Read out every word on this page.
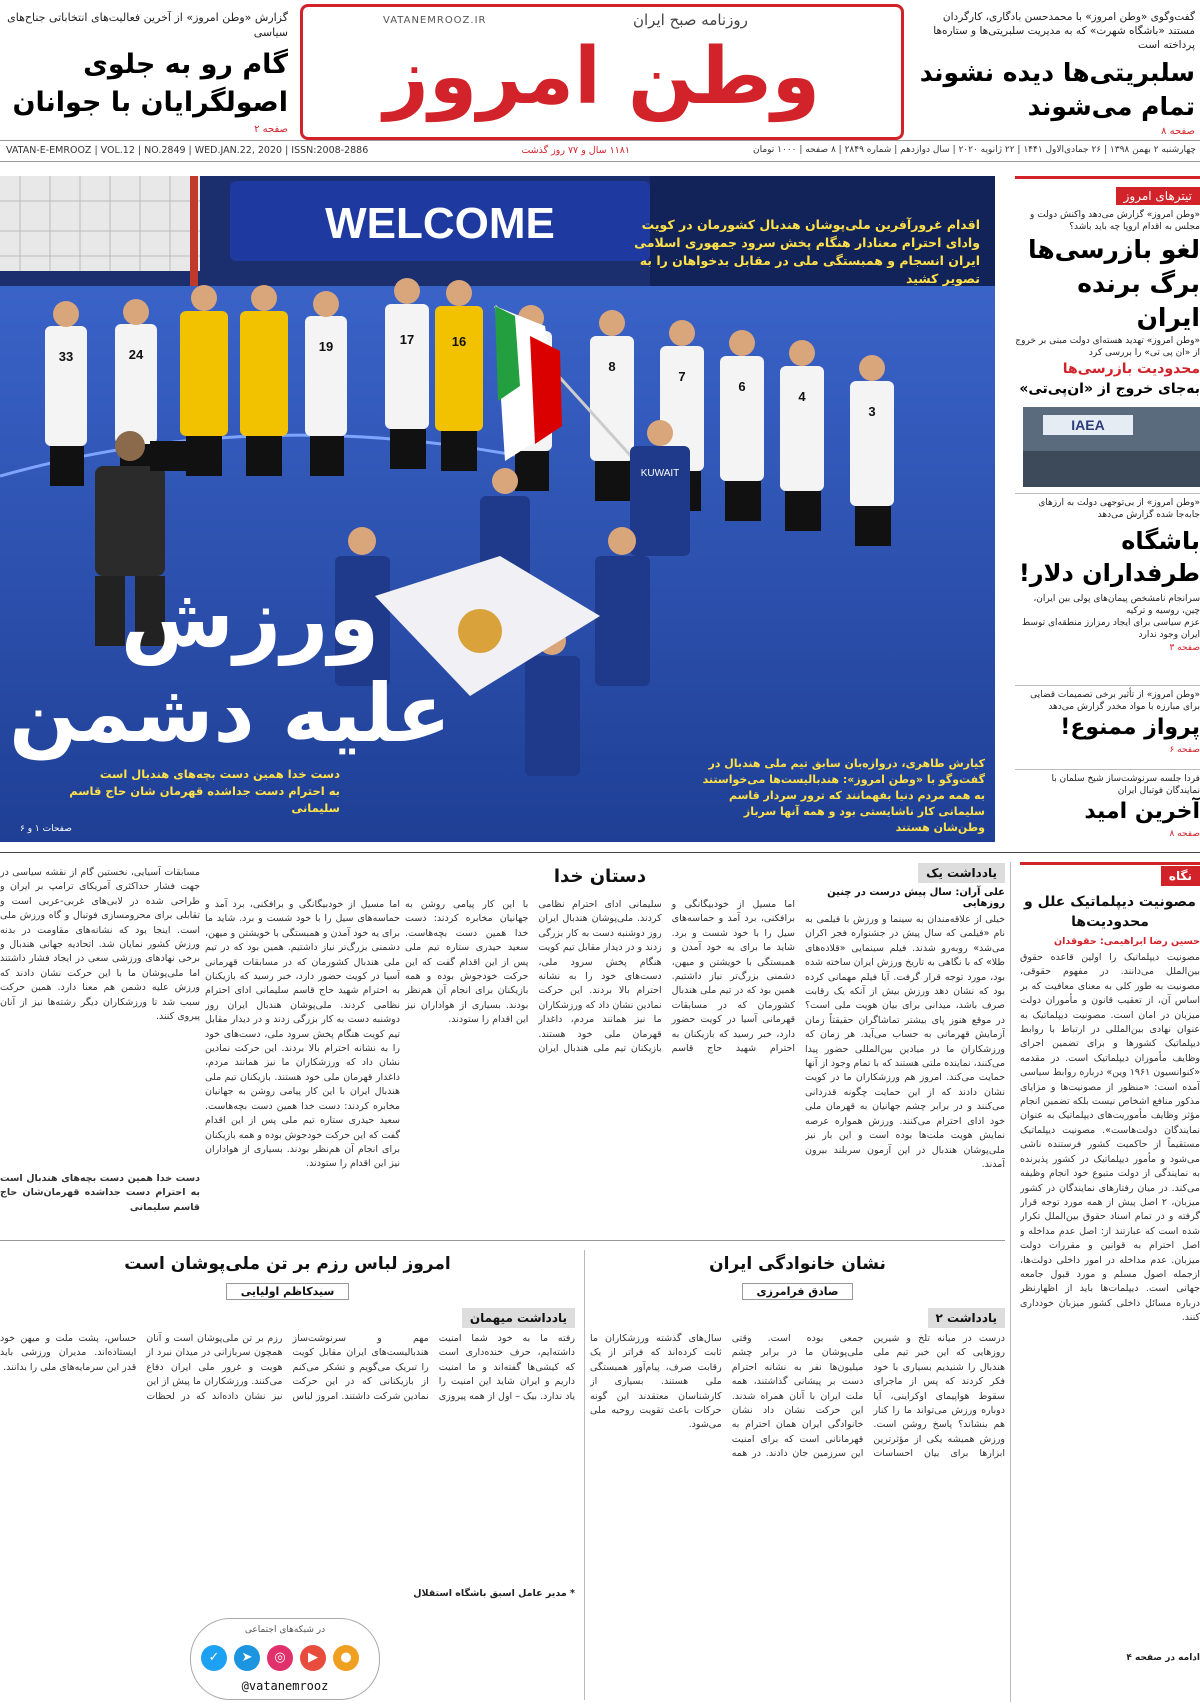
VATANEMROOZ.IR	روزنامه صبح ایران
وطن امروز
گزارش «وطن امروز» از آخرین فعالیت‌های انتخاباتی جناح‌های سیاسی
گام رو به جلوی اصولگرایان با جوانان
صفحه ۲
گفت‌وگوی «وطن امروز» با محمدحسن بادگاری، کارگردان مستند «باشگاه شهرت» که به مدیریت سلبریتی‌ها و ستاره‌ها پرداخته است
سلبریتی‌ها دیده نشوند تمام می‌شوند
صفحه ۸
VATAN-E-EMROOZ | VOL.12 | NO.2849 | WED.JAN.22, 2020 | ISSN:2008-2886	۱۱۸۱ سال و ۷۷ روز گذشت	چهارشنبه ۲ بهمن ۱۳۹۸ | ۲۶ جمادی‌الاول ۱۴۴۱ | ۲۲ ژانویه ۲۰۲۰ | سال دوازدهم | شماره ۲۸۴۹ | ۸ صفحه | ۱۰۰۰ تومان
WELCOME
33	24
19	17	16
8
7
6
5
4
3
KUWAIT
اقدام غرورآفرین ملی‌پوشان هندبال کشورمان در کویت وادای احترام معنادار هنگام پخش سرود جمهوری اسلامی ایران انسجام و همبستگی ملی در مقابل بدخواهان را به تصویر کشید
ورزش
علیه دشمن
دست خدا همین دست بچه‌های هندبال است
به احترام دست جداشده قهرمان شان حاج قاسم سلیمانی
صفحات ۱ و ۶
کیارش طاهری، دروازه‌بان سابق تیم ملی هندبال در گفت‌وگو با «وطن امروز»: هندبالیست‌ها می‌خواستند به همه مردم دنیا بفهمانند که ترور سردار قاسم سلیمانی کار ناشایستی بود و همه آنها سرباز وطن‌شان هستند
تیترهای امروز
«وطن امروز» گزارش می‌دهد واکنش دولت و مجلس به اقدام اروپا چه باید باشد؟
لغو بازرسی‌ها برگ برنده ایران
«وطن امروز» تهدید هسته‌ای دولت مبنی بر خروج از «ان پی تی» را بررسی کرد
محدودیت بازرسی‌ها
به‌جای خروج از «ان‌پی‌تی»
IAEA
«وطن امروز» از بی‌توجهی دولت به ارزهای جابه‌جا شده گزارش می‌دهد
باشگاه طرفداران دلار!
سرانجام نامشخص پیمان‌های پولی بین ایران، چین، روسیه و ترکیه
عزم سیاسی برای ایجاد رمزارز منطقه‌ای توسط ایران وجود ندارد
صفحه ۳
«وطن امروز» از تأثیر برخی تصمیمات قضایی برای مبارزه با مواد مخدر گزارش می‌دهد
پرواز ممنوع!
صفحه ۶
فردا جلسه سرنوشت‌ساز شیخ سلمان با نمایندگان فوتبال ایران
آخرین امید
صفحه ۸
نگاه
مصونیت دیپلماتیک علل و محدودیت‌ها
حسین رضا ابراهیمی: حقوقدان
مصونیت دیپلماتیک را اولین قاعده حقوق بین‌الملل می‌دانند. در مفهوم حقوقی، مصونیت به طور کلی به معنای معافیت که بر اساس آن، از تعقیب قانون و مأموران دولت میزبان در امان است. مصونیت دیپلماتیک به عنوان نهادی بین‌المللی در ارتباط با روابط دیپلماتیک کشورها و برای تضمین اجرای وظایف مأموران دیپلماتیک است. در مقدمه «کنوانسیون ۱۹۶۱ وین» درباره روابط سیاسی آمده است: «منظور از مصونیت‌ها و مزایای مذکور منافع اشخاص نیست بلکه تضمین انجام مؤثر وظایف مأموریت‌های دیپلماتیک به عنوان نمایندگان دولت‌هاست». مصونیت دیپلماتیک مستقیماً از حاکمیت کشور فرستنده ناشی می‌شود و مأمور دیپلماتیک در کشور پذیرنده به نمایندگی از دولت متبوع خود انجام وظیفه می‌کند. در میان رفتارهای نمایندگان در کشور میزبان، ۲ اصل پیش از همه مورد توجه قرار گرفته و در تمام اسناد حقوق بین‌الملل تکرار شده است که عبارتند از: اصل عدم مداخله و اصل احترام به قوانین و مقررات دولت میزبان. عدم مداخله در امور داخلی دولت‌ها، ازجمله اصول مسلم و مورد قبول جامعه جهانی است. دیپلمات‌ها باید از اظهارنظر درباره مسائل داخلی کشور میزبان خودداری کنند.
ادامه در صفحه ۴
یادداشت یک
علی آران: سال پیش درست در چنین روزهایی
خیلی از علاقه‌مندان به سینما و ورزش با فیلمی به نام «فیلمی که سال پیش در جشنواره فجر اکران می‌شد» روبه‌رو شدند. فیلم سینمایی «قلاده‌های طلا» که با نگاهی به تاریخ ورزش ایران ساخته شده بود، مورد توجه قرار گرفت. آیا فیلم مهمانی کرده بود که نشان دهد ورزش بیش از آنکه یک رقابت صرف باشد، میدانی برای بیان هویت ملی است؟ در موقع هنوز پای بیشتر تماشاگران حقیقتاً زمان آزمایش قهرمانی به حساب می‌آید. هر زمان که ورزشکاران ما در میادین بین‌المللی حضور پیدا می‌کنند، نماینده ملتی هستند که با تمام وجود از آنها حمایت می‌کند. امروز هم ورزشکاران ما در کویت نشان دادند که از این حمایت چگونه قدردانی می‌کنند و در برابر چشم جهانیان به قهرمان ملی خود ادای احترام می‌کنند. ورزش همواره عرصه نمایش هویت ملت‌ها بوده است و این بار نیز ملی‌پوشان هندبال در این آزمون سربلند بیرون آمدند.
دستان خدا
اما مسیل از خودبیگانگی و برافکنی، برد آمد و حماسه‌های سیل را با خود شست و برد. شاید ما برای یه خود آمدن و همبستگی با خویشتن و میهن، دشمنی بزرگ‌تر نیاز داشتیم. همین بود که در تیم ملی هندبال کشورمان که در مسابقات قهرمانی آسیا در کویت حضور دارد، خبر رسید که بازیکنان به احترام شهید حاج قاسم سلیمانی ادای احترام نظامی کردند. ملی‌پوشان هندبال ایران روز دوشنبه دست به کار بزرگی زدند و در دیدار مقابل تیم کویت هنگام پخش سرود ملی، دست‌های خود را به نشانه احترام بالا بردند. این حرکت نمادین نشان داد که ورزشکاران ما نیز همانند مردم، داغدار قهرمان ملی خود هستند. بازیکنان تیم ملی هندبال ایران با این کار پیامی روشن به جهانیان مخابره کردند: دست خدا همین دست بچه‌هاست. سعید حیدری ستاره تیم ملی پس از این اقدام گفت که این حرکت خودجوش بوده و همه بازیکنان برای انجام آن هم‌نظر بودند. بسیاری از هواداران نیز این اقدام را ستودند.
مسابقات آسیایی، نخستین گام از نقشه سیاسی در جهت فشار حداکثری آمریکای ترامپ بر ایران و طراحی شده در لابی‌های غربی-عربی است و تقابلی برای محرومسازی فوتبال و گاه ورزش ملی است. اینجا بود که نشانه‌های مقاومت در بدنه ورزش کشور نمایان شد. اتحادیه جهانی هندبال و برخی نهادهای ورزشی سعی در ایجاد فشار داشتند اما ملی‌پوشان ما با این حرکت نشان دادند که ورزش علیه دشمن هم معنا دارد. همین حرکت سبب شد تا ورزشکاران دیگر رشته‌ها نیز از آنان پیروی کنند.
دست خدا همین دست بچه‌های هندبال است به احترام دست جداشده قهرمان‌شان حاج قاسم سلیمانی
اما مسیل از خودبیگانگی و برافکنی، برد آمد و حماسه‌های سیل را با خود شست و برد. شاید ما برای یه خود آمدن و همبستگی با خویشتن و میهن، دشمنی بزرگ‌تر نیاز داشتیم. همین بود که در تیم ملی هندبال کشورمان که در مسابقات قهرمانی آسیا در کویت حضور دارد، خبر رسید که بازیکنان به احترام شهید حاج قاسم سلیمانی ادای احترام نظامی کردند. ملی‌پوشان هندبال ایران روز دوشنبه دست به کار بزرگی زدند و در دیدار مقابل تیم کویت هنگام پخش سرود ملی، دست‌های خود را به نشانه احترام بالا بردند. این حرکت نمادین نشان داد که ورزشکاران ما نیز همانند مردم، داغدار قهرمان ملی خود هستند. بازیکنان تیم ملی هندبال ایران با این کار پیامی روشن به جهانیان مخابره کردند: دست خدا همین دست بچه‌هاست. سعید حیدری ستاره تیم ملی پس از این اقدام گفت که این حرکت خودجوش بوده و همه بازیکنان برای انجام آن هم‌نظر بودند. بسیاری از هواداران نیز این اقدام را ستودند.
نشان خانوادگی ایران
صادق فرامرزی
یادداشت ۲
درست در میانه تلخ و شیرین روزهایی که این خبر تیم ملی هندبال را شنیدیم بسیاری با خود فکر کردند که پس از ماجرای سقوط هواپیمای اوکراینی، آیا دوباره ورزش می‌تواند ما را کنار هم بنشاند؟ پاسخ روشن است. ورزش همیشه یکی از مؤثرترین ابزارها برای بیان احساسات جمعی بوده است. وقتی ملی‌پوشان ما در برابر چشم میلیون‌ها نفر به نشانه احترام دست بر پیشانی گذاشتند، همه ملت ایران با آنان همراه شدند. این حرکت نشان داد نشان خانوادگی ایران همان احترام به قهرمانانی است که برای امنیت این سرزمین جان دادند. در همه سال‌های گذشته ورزشکاران ما ثابت کرده‌اند که فراتر از یک رقابت صرف، پیام‌آور همبستگی ملی هستند. بسیاری از کارشناسان معتقدند این گونه حرکات باعث تقویت روحیه ملی می‌شود.
امروز لباس رزم بر تن ملی‌پوشان است
سیدکاظم اولیایی
یادداشت میهمان
رفته ما به خود شما امنیت داشته‌ایم، حرف خنده‌داری است که کیشی‌ها گفته‌اند و ما امنیت داریم و ایران شاید این امنیت را یاد ندارد. بیک – اول از همه پیروزی مهم و سرنوشت‌ساز هندبالیست‌های ایران مقابل کویت را تبریک می‌گویم و تشکر می‌کنم از بازیکنانی که در این حرکت نمادین شرکت داشتند. امروز لباس رزم بر تن ملی‌پوشان است و آنان همچون سربازانی در میدان نبرد از هویت و غرور ملی ایران دفاع می‌کنند. ورزشکاران ما پیش از این نیز نشان داده‌اند که در لحظات حساس، پشت ملت و میهن خود ایستاده‌اند. مدیران ورزشی باید قدر این سرمایه‌های ملی را بدانند.
* مدیر عامل اسبق باشگاه استقلال
در شبکه‌های اجتماعی
✓	➤	◎	▶	●
@vatanemrooz
